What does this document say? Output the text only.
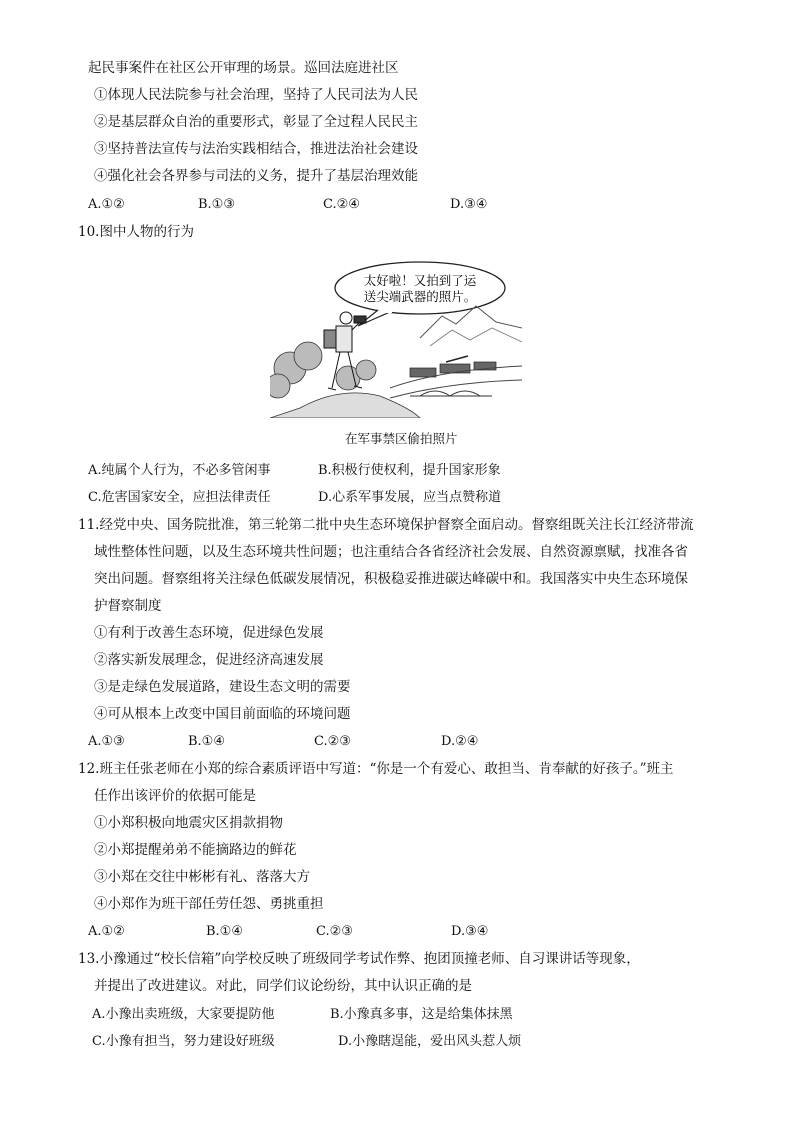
起民事案件在社区公开审理的场景。巡回法庭进社区
①体现人民法院参与社会治理，坚持了人民司法为人民
②是基层群众自治的重要形式，彰显了全过程人民民主
③坚持普法宣传与法治实践相结合，推进法治社会建设
④强化社会各界参与司法的义务，提升了基层治理效能
A.①②	B.①③	C.②④	D.③④
10.图中人物的行为
太好啦！又拍到了运
送尖端武器的照片。
在军事禁区偷拍照片
A.纯属个人行为，不必多管闲事	B.积极行使权利，提升国家形象
C.危害国家安全，应担法律责任	D.心系军事发展，应当点赞称道
11.经党中央、国务院批准，第三轮第二批中央生态环境保护督察全面启动。督察组既关注长江经济带流
域性整体性问题，以及生态环境共性问题；也注重结合各省经济社会发展、自然资源禀赋，找准各省
突出问题。督察组将关注绿色低碳发展情况，积极稳妥推进碳达峰碳中和。我国落实中央生态环境保
护督察制度
①有利于改善生态环境，促进绿色发展
②落实新发展理念，促进经济高速发展
③是走绿色发展道路，建设生态文明的需要
④可从根本上改变中国目前面临的环境问题
A.①③	B.①④	C.②③	D.②④
12.班主任张老师在小郑的综合素质评语中写道：“你是一个有爱心、敢担当、肯奉献的好孩子。”班主
任作出该评价的依据可能是
①小郑积极向地震灾区捐款捐物
②小郑提醒弟弟不能摘路边的鲜花
③小郑在交往中彬彬有礼、落落大方
④小郑作为班干部任劳任怨、勇挑重担
A.①②	B.①④	C.②③	D.③④
13.小豫通过“校长信箱”向学校反映了班级同学考试作弊、抱团顶撞老师、自习课讲话等现象，
并提出了改进建议。对此，同学们议论纷纷，其中认识正确的是
A.小豫出卖班级，大家要提防他	B.小豫真多事，这是给集体抹黑
C.小豫有担当，努力建设好班级	D.小豫瞎逞能，爱出风头惹人烦
